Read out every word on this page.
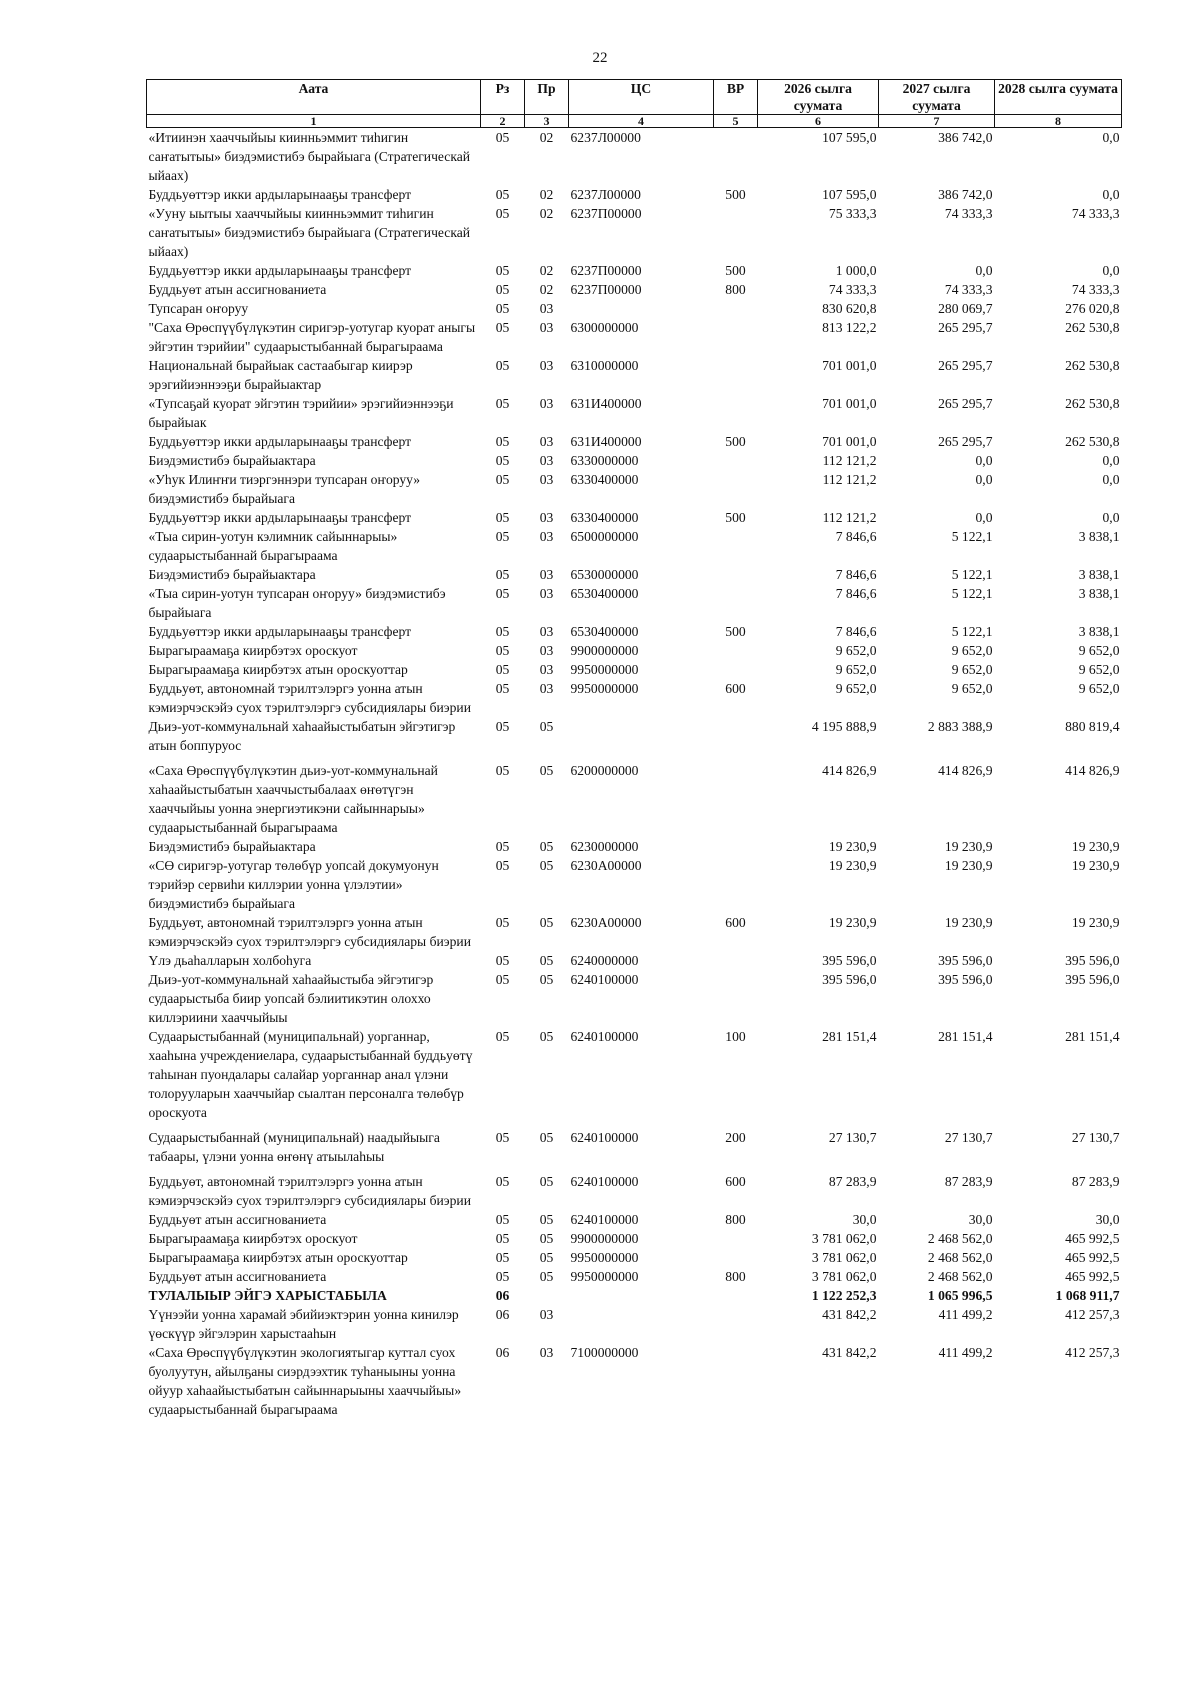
22
Аата	Рз	Пр	ЦС	ВР	2026 сылга суумата	2027 сылга суумата	2028 сылга суумата
1	2	3	4	5	6	7	8
«Итиинэн хааччыйыы киинньэммит тиhигин саҥатытыы» биэдэмистибэ бырайыага (Стратегическай ыйаах)	05	02	6237Л00000		107 595,0	386 742,0	0,0
Буддьуөттэр икки ардыларынааҕы трансферт	05	02	6237Л00000	500	107 595,0	386 742,0	0,0
«Ууну ыытыы хааччыйыы киинньэммит тиhигин саҥатытыы» биэдэмистибэ бырайыага (Стратегическай ыйаах)	05	02	6237П00000		75 333,3	74 333,3	74 333,3
Буддьуөттэр икки ардыларынааҕы трансферт	05	02	6237П00000	500	1 000,0	0,0	0,0
Буддьуөт атын ассигнованиета	05	02	6237П00000	800	74 333,3	74 333,3	74 333,3
Тупсаран оҥоруу	05	03			830 620,8	280 069,7	276 020,8
"Саха Өрөспүүбүлүкэтин сиригэр-уотугар куорат аныгы эйгэтин тэрийии" судаарыстыбаннай бырагыраама	05	03	6300000000		813 122,2	265 295,7	262 530,8
Национальнай бырайыак састаабыгар киирэр эрэгийиэннээҕи бырайыактар	05	03	6310000000		701 001,0	265 295,7	262 530,8
«Тупсаҕай куорат эйгэтин тэрийии» эрэгийиэннээҕи бырайыак	05	03	631И400000		701 001,0	265 295,7	262 530,8
Буддьуөттэр икки ардыларынааҕы трансферт	05	03	631И400000	500	701 001,0	265 295,7	262 530,8
Биэдэмистибэ бырайыактара	05	03	6330000000		112 121,2	0,0	0,0
«Уhук Илиҥҥи тиэргэннэри тупсаран оҥоруу» биэдэмистибэ бырайыага	05	03	6330400000		112 121,2	0,0	0,0
Буддьуөттэр икки ардыларынааҕы трансферт	05	03	6330400000	500	112 121,2	0,0	0,0
«Тыа сирин-уотун кэлимник сайыннарыы» судаарыстыбаннай бырагыраама	05	03	6500000000		7 846,6	5 122,1	3 838,1
Биэдэмистибэ бырайыактара	05	03	6530000000		7 846,6	5 122,1	3 838,1
«Тыа сирин-уотун тупсаран оҥоруу» биэдэмистибэ бырайыага	05	03	6530400000		7 846,6	5 122,1	3 838,1
Буддьуөттэр икки ардыларынааҕы трансферт	05	03	6530400000	500	7 846,6	5 122,1	3 838,1
Бырагыраамаҕа киирбэтэх ороскуот	05	03	9900000000		9 652,0	9 652,0	9 652,0
Бырагыраамаҕа киирбэтэх атын ороскуоттар	05	03	9950000000		9 652,0	9 652,0	9 652,0
Буддьуөт, автономнай тэрилтэлэргэ уонна атын кэмиэрчэскэйэ суох тэрилтэлэргэ субсидиялары биэрии	05	03	9950000000	600	9 652,0	9 652,0	9 652,0
Дьиэ-уот-коммунальнай хаhаайыстыбатын эйгэтигэр атын боппуруос	05	05			4 195 888,9	2 883 388,9	880 819,4
«Саха Өрөспүүбүлүкэтин дьиэ-уот-коммунальнай хаhаайыстыбатын хааччыстыбалаах өҥөтүгэн хааччыйыы уонна энергиэтикэни сайыннарыы» судаарыстыбаннай бырагыраама	05	05	6200000000		414 826,9	414 826,9	414 826,9
Биэдэмистибэ бырайыактара	05	05	6230000000		19 230,9	19 230,9	19 230,9
«СӨ сиригэр-уотугар төлөбүр уопсай докумуонун тэрийэр сервиhи киллэрии уонна үлэлэтии» биэдэмистибэ бырайыага	05	05	6230А00000		19 230,9	19 230,9	19 230,9
Буддьуөт, автономнай тэрилтэлэргэ уонна атын кэмиэрчэскэйэ суох тэрилтэлэргэ субсидиялары биэрии	05	05	6230А00000	600	19 230,9	19 230,9	19 230,9
Үлэ дьаhалларын холбоhуга	05	05	6240000000		395 596,0	395 596,0	395 596,0
Дьиэ-уот-коммунальнай хаhаайыстыба эйгэтигэр судаарыстыба биир уопсай бэлиитикэтин олоххо киллэриини хааччыйыы	05	05	6240100000		395 596,0	395 596,0	395 596,0
Судаарыстыбаннай (муниципальнай) уорганнар, хааhына учреждениелара, судаарыстыбаннай буддьуөтү таhынан пуондалары салайар уорганнар анал үлэни толорууларын хааччыйар сыалтан персоналга төлөбүр ороскуота	05	05	6240100000	100	281 151,4	281 151,4	281 151,4
Судаарыстыбаннай (муниципальнай) наадыйыыга табаары, үлэни уонна өҥөнү атыылаhыы	05	05	6240100000	200	27 130,7	27 130,7	27 130,7
Буддьуөт, автономнай тэрилтэлэргэ уонна атын кэмиэрчэскэйэ суох тэрилтэлэргэ субсидиялары биэрии	05	05	6240100000	600	87 283,9	87 283,9	87 283,9
Буддьуөт атын ассигнованиета	05	05	6240100000	800	30,0	30,0	30,0
Бырагыраамаҕа киирбэтэх ороскуот	05	05	9900000000		3 781 062,0	2 468 562,0	465 992,5
Бырагыраамаҕа киирбэтэх атын ороскуоттар	05	05	9950000000		3 781 062,0	2 468 562,0	465 992,5
Буддьуөт атын ассигнованиета	05	05	9950000000	800	3 781 062,0	2 468 562,0	465 992,5
ТУЛАЛЫЫР ЭЙГЭ ХАРЫСТАБЫЛА	06				1 122 252,3	1 065 996,5	1 068 911,7
Үүнээйи уонна харамай эбийиэктэрин уонна кинилэр үөскүүр эйгэлэрин харыстааhын	06	03			431 842,2	411 499,2	412 257,3
«Саха Өрөспүүбүлүкэтин экологиятыгар куттал суох буолуутун, айылҕаны сиэрдээхтик туhаныыны уонна ойуур хаhаайыстыбатын сайыннарыыны хааччыйыы» судаарыстыбаннай бырагыраама	06	03	7100000000		431 842,2	411 499,2	412 257,3
